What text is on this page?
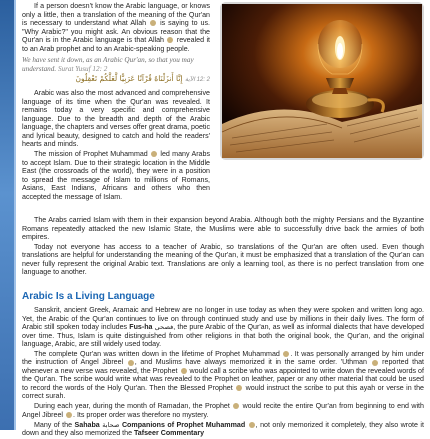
If a person doesn't know the Arabic language, or knows only a little, then a translation of the meaning of the Qur'an is necessary to understand what Allah is saying to us. "Why Arabic?" you might ask. An obvious reason that the Qur'an is in the Arabic language is that Allah revealed it to an Arab prophet and to an Arabic-speaking people.

We have sent it down, as an Arabic Qur'an, so that you may understand. Surat Yusuf 12: 2
2 :12 الآية إِنَّا أَنزَلْنَاهُ قُرْآنًا عَرَبِيًّا لَّعَلَّكُمْ تَعْقِلُونَ

Arabic was also the most advanced and comprehensive language of its time when the Qur'an was revealed. It remains today a very specific and comprehensive language. Due to the breadth and depth of the Arabic language, the chapters and verses offer great drama, poetic and lyrical beauty, designed to catch and hold the readers' hearts and minds.

The mission of Prophet Muhammad led many Arabs to accept Islam. Due to their strategic location in the Middle East (the crossroads of the world), they were in a position to spread the message of Islam to millions of Romans, Asians, East Indians, Africans and others who then accepted the message of Islam.

The Arabs carried Islam with them in their expansion beyond Arabia. Although both the mighty Persians and the Byzantine Romans repeatedly attacked the new Islamic State, the Muslims were able to successfully drive back the armies of both empires.

Today not everyone has access to a teacher of Arabic, so translations of the Qur'an are often used. Even though translations are helpful for understanding the meaning of the Qur'an, it must be emphasized that a translation of the Qur'an can never fully represent the original Arabic text. Translations are only a learning tool, as there is no perfect translation from one language to another.

Arabic Is a Living Language

Sanskrit, ancient Greek, Aramaic and Hebrew are no longer in use today as when they were spoken and written long ago. Yet, the Arabic of the Qur'an continues to live on through continued study and use by millions in their daily lives. The form of Arabic still spoken today includes Fus-ha فصحى, the pure Arabic of the Qur'an, as well as informal dialects that have developed over time. Thus, Islam is quite distinguished from other religions in that both the original book, the Qur'an, and the original language, Arabic, are still widely used today.

The complete Qur'an was written down in the lifetime of Prophet Muhammad . It was personally arranged by him under the instruction of Angel Jibreel , and Muslims have always memorized it in the same order. 'Uthman reported that whenever a new verse was revealed, the Prophet would call a scribe who was appointed to write down the revealed words of the Qur'an. The scribe would write what was revealed to the Prophet on leather, paper or any other material that could be used to record the words of the Holy Qur'an. Then the Blessed Prophet would instruct the scribe to put this ayah or verse in the correct surah.

During each year, during the month of Ramadan, the Prophet would recite the entire Qur'an from beginning to end with Angel Jibreel . Its proper order was therefore no mystery.

Many of the Sahaba صحابة Companions of Prophet Muhammad , not only memorized it completely, they also wrote it down and they also memorized the Tafseer Commentary
